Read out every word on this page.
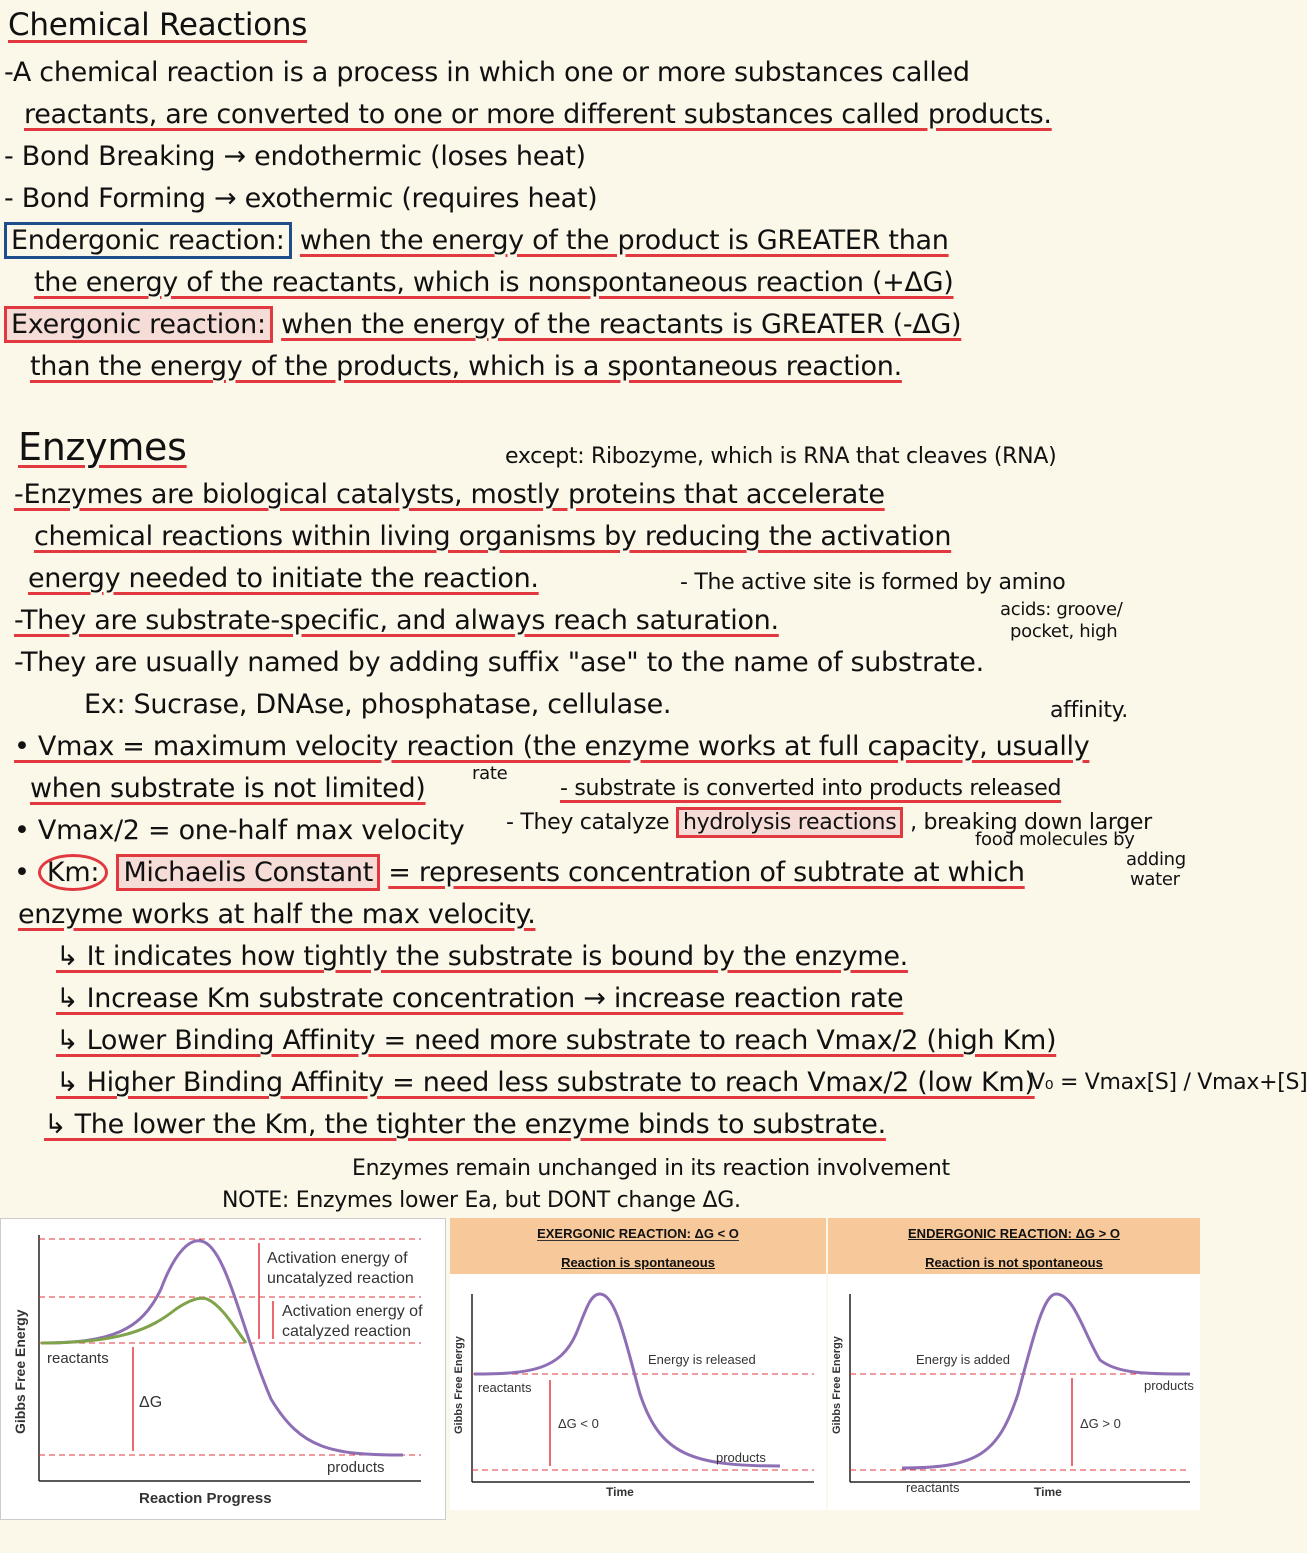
Chemical Reactions
-A chemical reaction is a process in which one or more substances called
reactants, are converted to one or more different substances called products.
- Bond Breaking → endothermic (loses heat)
- Bond Forming → exothermic (requires heat)
Endergonic reaction: when the energy of the product is GREATER than
the energy of the reactants, which is nonspontaneous reaction (+ΔG)
Exergonic reaction: when the energy of the reactants is GREATER (-ΔG)
than the energy of the products, which is a spontaneous reaction.
Enzymes	except: Ribozyme, which is RNA that cleaves (RNA)
-Enzymes are biological catalysts, mostly proteins that accelerate
chemical reactions within living organisms by reducing the activation
energy needed to initiate the reaction.	- The active site is formed by amino
-They are substrate-specific, and always reach saturation.	acids: groove/
pocket, high
-They are usually named by adding suffix "ase" to the name of substrate.
Ex: Sucrase, DNAse, phosphatase, cellulase.	affinity.
• Vmax = maximum velocity reaction (the enzyme works at full capacity, usually
rate
when substrate is not limited)	- substrate is converted into products released
• Vmax/2 = one-half max velocity - They catalyze hydrolysis reactions , breaking down larger
food molecules by
• Km: Michaelis Constant = represents concentration of subtrate at which	adding
water
enzyme works at half the max velocity.
↳ It indicates how tightly the substrate is bound by the enzyme.
↳ Increase Km substrate concentration → increase reaction rate
↳ Lower Binding Affinity = need more substrate to reach Vmax/2 (high Km)
↳ Higher Binding Affinity = need less substrate to reach Vmax/2 (low Km)
V₀ = Vmax[S] / Vmax+[S]
↳ The lower the Km, the tighter the enzyme binds to substrate.
Enzymes remain unchanged in its reaction involvement
NOTE: Enzymes lower Ea, but DONT change ΔG.
Activation energy of
uncatalyzed reaction
Activation energy of
catalyzed reaction
reactants
ΔG
products
Reaction Progress
Gibbs Free Energy
EXERGONIC REACTION: ΔG < O
Reaction is spontaneous
reactants
Energy is released
ΔG < 0
products
Time
Gibbs Free Energy
ENDERGONIC REACTION: ΔG > O
Reaction is not spontaneous
Energy is added
products
ΔG > 0
reactants	Time
Gibbs Free Energy
